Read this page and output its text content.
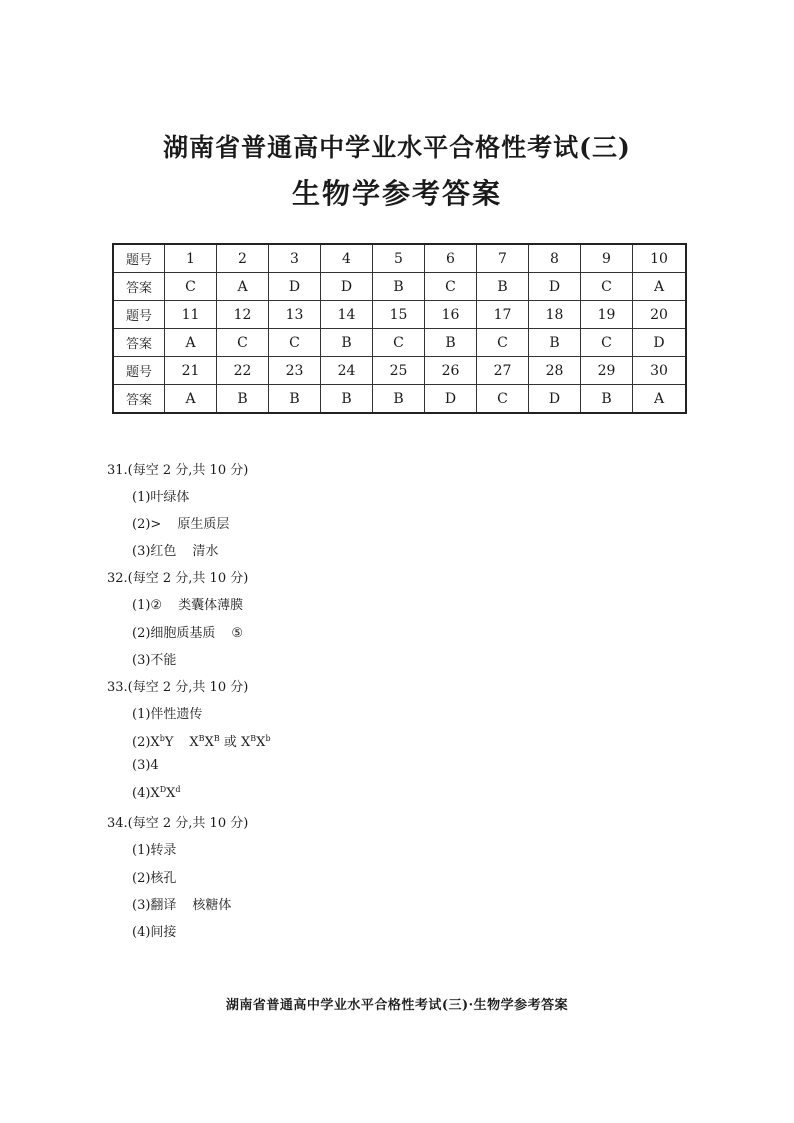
湖南省普通高中学业水平合格性考试(三)
生物学参考答案
题号	1	2	3	4	5	6	7	8	9	10
答案	C	A	D	D	B	C	B	D	C	A
题号	11	12	13	14	15	16	17	18	19	20
答案	A	C	C	B	C	B	C	B	C	D
题号	21	22	23	24	25	26	27	28	29	30
答案	A	B	B	B	B	D	C	D	B	A
31.(每空 2 分,共 10 分)
(1)叶绿体
(2)> 原生质层
(3)红色 清水
32.(每空 2 分,共 10 分)
(1)② 类囊体薄膜
(2)细胞质基质 ⑤
(3)不能
33.(每空 2 分,共 10 分)
(1)伴性遗传
$(2)X^bY$ $X^BX^B$ 或 $X^BX^b$
(3)4
$(4)X^DX^d$
34.(每空 2 分,共 10 分)
(1)转录
(2)核孔
(3)翻译 核糖体
(4)间接
湖南省普通高中学业水平合格性考试(三)·生物学参考答案
